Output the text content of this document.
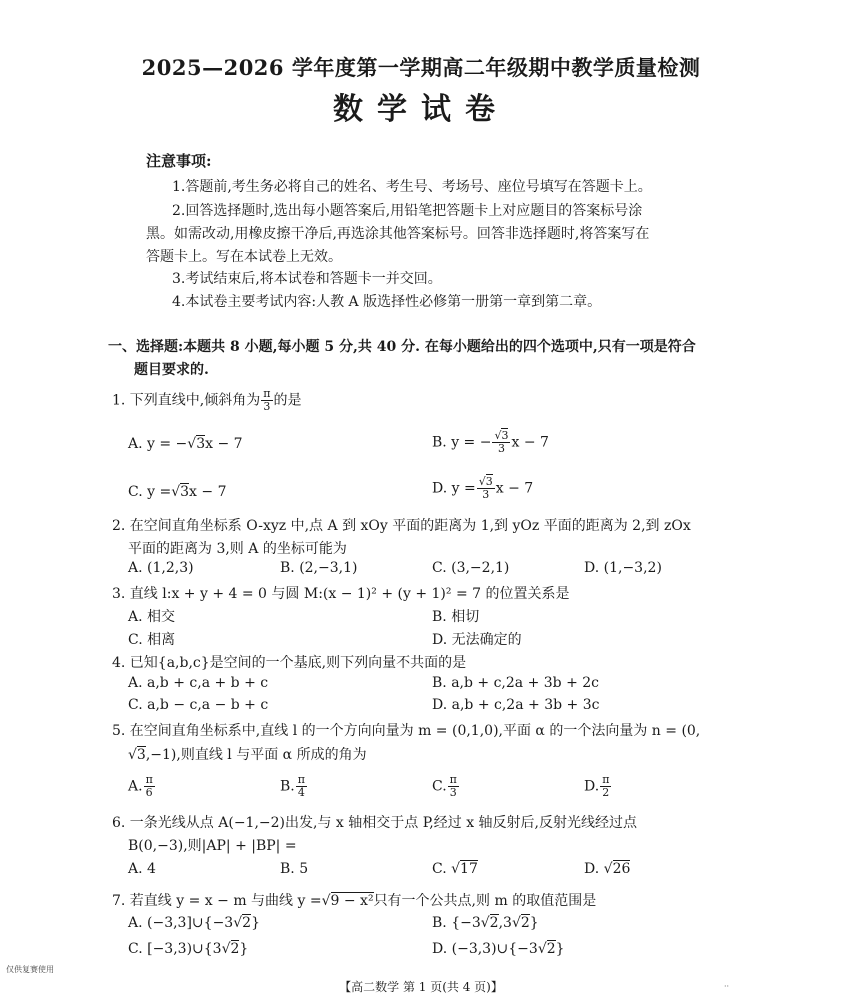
2025—2026 学年度第一学期高二年级期中教学质量检测
数学试卷
注意事项:
1.答题前,考生务必将自己的姓名、考生号、考场号、座位号填写在答题卡上。
2.回答选择题时,选出每小题答案后,用铅笔把答题卡上对应题目的答案标号涂
黑。如需改动,用橡皮擦干净后,再选涂其他答案标号。回答非选择题时,将答案写在
答题卡上。写在本试卷上无效。
3.考试结束后,将本试卷和答题卡一并交回。
4.本试卷主要考试内容:人教 A 版选择性必修第一册第一章到第二章。
一、选择题:本题共 8 小题,每小题 5 分,共 40 分. 在每小题给出的四个选项中,只有一项是符合
题目要求的.
1. 下列直线中,倾斜角为 $\frac{\pi}{3}$ 的是
A. y = −√3x − 7	B. y = − $\frac{√3}{3}$ x − 7
C. y =√3x − 7	D. $y = \frac{√3}{3}$ x − 7
2. 在空间直角坐标系 O-xyz 中,点 A 到 xOy 平面的距离为 1,到 yOz 平面的距离为 2,到 zOx
平面的距离为 3,则 A 的坐标可能为
A. (1,2,3)	B. (2,−3,1)	C. (3,−2,1)	D. (1,−3,2)
3. 直线 l:x + y + 4 = 0 与圆 M:(x − 1)² + (y + 1)² = 7 的位置关系是
A. 相交	B. 相切
C. 相离	D. 无法确定的
4. 已知{a,b,c}是空间的一个基底,则下列向量不共面的是
A. a,b + c,a + b + c	B. a,b + c,2a + 3b + 2c
C. a,b − c,a − b + c	D. a,b + c,2a + 3b + 3c
5. 在空间直角坐标系中,直线 l 的一个方向向量为 m = (0,1,0),平面 α 的一个法向量为 n = (0,
√3,−1),则直线 l 与平面 α 所成的角为
A. $\frac{\pi}{6}$	B. $\frac{\pi}{4}$	C. $\frac{\pi}{3}$	D. $\frac{\pi}{2}$
6. 一条光线从点 A(−1,−2)出发,与 x 轴相交于点 P,经过 x 轴反射后,反射光线经过点
B(0,−3),则|AP| + |BP| =
A. 4	B. 5	C. √17	D. √26
7. 若直线 y = x − m 与曲线 y =√9 − x²只有一个公共点,则 m 的取值范围是
A. (−3,3]∪{−3√2}	B. {−3√2,3√2}
C. [−3,3)∪{3√2}	D. (−3,3)∪{−3√2}
仅供复赛使用
【高二数学 第 1 页(共 4 页)】	··
